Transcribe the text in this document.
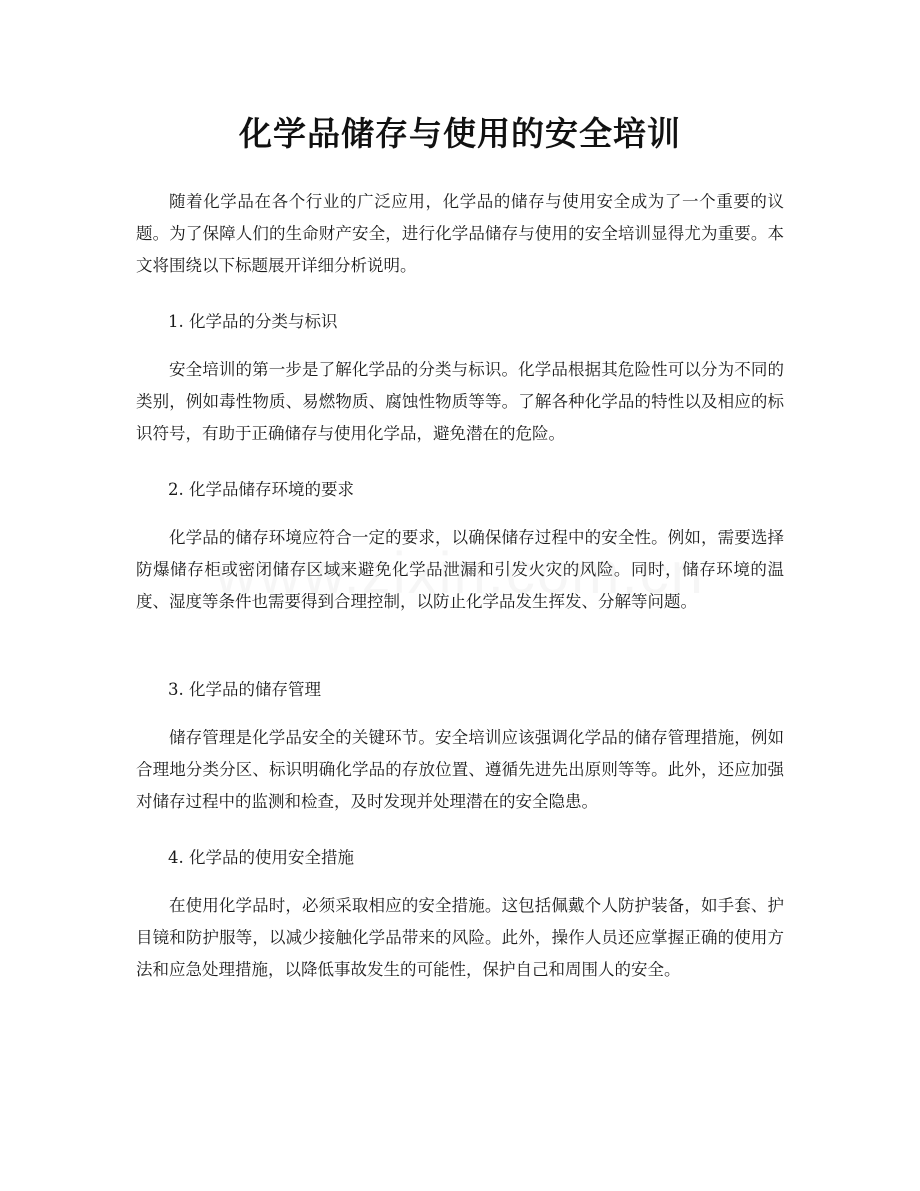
化学品储存与使用的安全培训

随着化学品在各个行业的广泛应用，化学品的储存与使用安全成为了一个重要的议题。为了保障人们的生命财产安全，进行化学品储存与使用的安全培训显得尤为重要。本文将围绕以下标题展开详细分析说明。

1. 化学品的分类与标识

安全培训的第一步是了解化学品的分类与标识。化学品根据其危险性可以分为不同的类别，例如毒性物质、易燃物质、腐蚀性物质等等。了解各种化学品的特性以及相应的标识符号，有助于正确储存与使用化学品，避免潜在的危险。

2. 化学品储存环境的要求

化学品的储存环境应符合一定的要求，以确保储存过程中的安全性。例如，需要选择防爆储存柜或密闭储存区域来避免化学品泄漏和引发火灾的风险。同时，储存环境的温度、湿度等条件也需要得到合理控制，以防止化学品发生挥发、分解等问题。

3. 化学品的储存管理

储存管理是化学品安全的关键环节。安全培训应该强调化学品的储存管理措施，例如合理地分类分区、标识明确化学品的存放位置、遵循先进先出原则等等。此外，还应加强对储存过程中的监测和检查，及时发现并处理潜在的安全隐患。

4. 化学品的使用安全措施

在使用化学品时，必须采取相应的安全措施。这包括佩戴个人防护装备，如手套、护目镜和防护服等，以减少接触化学品带来的风险。此外，操作人员还应掌握正确的使用方法和应急处理措施，以降低事故发生的可能性，保护自己和周围人的安全。
